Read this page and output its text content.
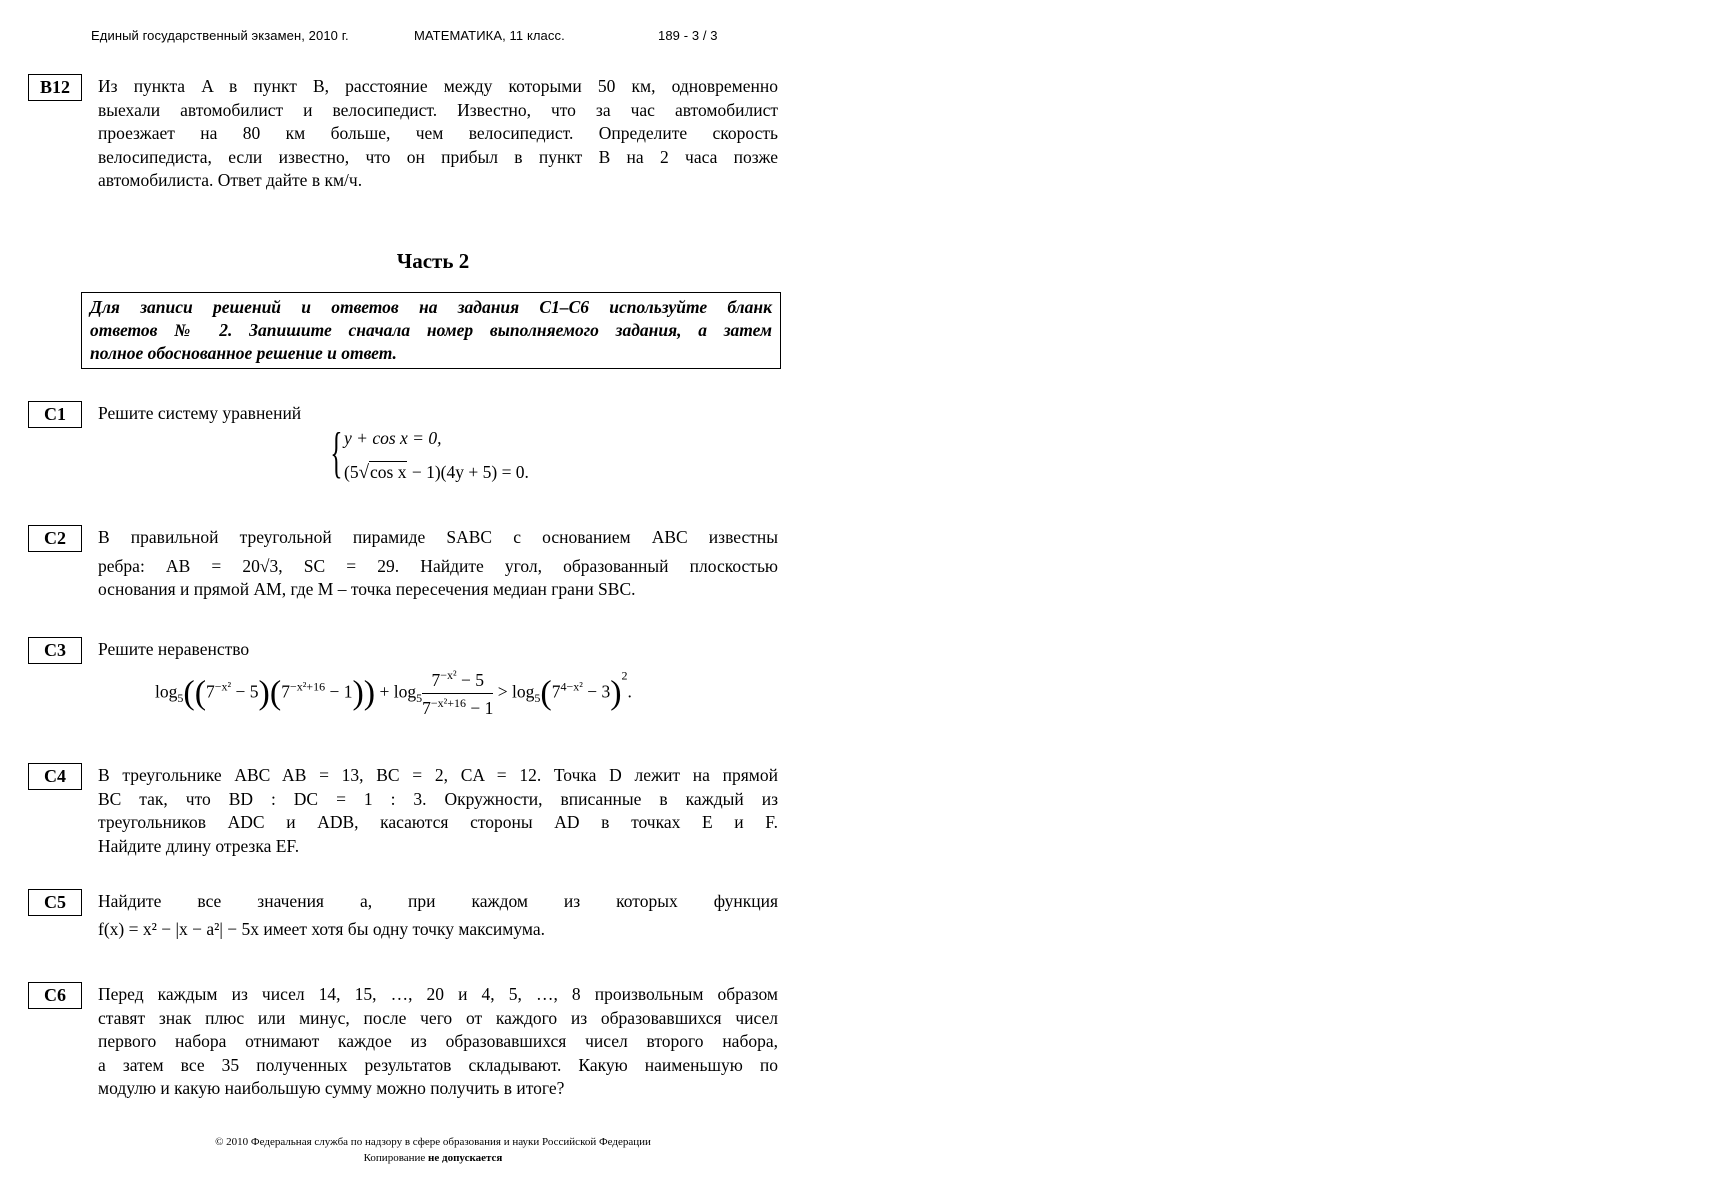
Единый государственный экзамен, 2010 г.	МАТЕМАТИКА, 11 класс.	189 - 3 / 3
B12	Из пункта A в пункт B, расстояние между которыми 50 км, одновременно
выехали автомобилист и велосипедист. Известно, что за час автомобилист
проезжает на 80 км больше, чем велосипедист. Определите скорость
велосипедиста, если известно, что он прибыл в пункт B на 2 часа позже
автомобилиста. Ответ дайте в км/ч.
Часть 2
Для записи решений и ответов на задания С1–С6 используйте бланк
ответов № 2. Запишите сначала номер выполняемого задания, а затем
полное обоснованное решение и ответ.
C1	Решите систему уравнений
{ y + cos x = 0,
(5√cos x − 1)(4y + 5) = 0.
C2	В правильной треугольной пирамиде SABC с основанием ABC известны
ребра: AB = 20√3, SC = 29. Найдите угол, образованный плоскостью
основания и прямой AM, где M – точка пересечения медиан грани SBC.
C3	Решите неравенство
$\log_5((7^{-x^2} - 5)(7^{-x^2+16} - 1)) + \log_5 \frac{7^{-x^2} - 5}{7^{-x^2+16} - 1} > \log_5(7^{4-x^2} - 3)^2$.
C4	В треугольнике ABC AB = 13, BC = 2, CA = 12. Точка D лежит на прямой
BC так, что BD : DC = 1 : 3. Окружности, вписанные в каждый из
треугольников ADC и ADB, касаются стороны AD в точках E и F.
Найдите длину отрезка EF.
C5	Найдите все значения a, при каждом из которых функция
f(x) = x² − |x − a²| − 5x имеет хотя бы одну точку максимума.
C6	Перед каждым из чисел 14, 15, …, 20 и 4, 5, …, 8 произвольным образом
ставят знак плюс или минус, после чего от каждого из образовавшихся чисел
первого набора отнимают каждое из образовавшихся чисел второго набора,
а затем все 35 полученных результатов складывают. Какую наименьшую по
модулю и какую наибольшую сумму можно получить в итоге?
© 2010 Федеральная служба по надзору в сфере образования и науки Российской Федерации
Копирование не допускается
